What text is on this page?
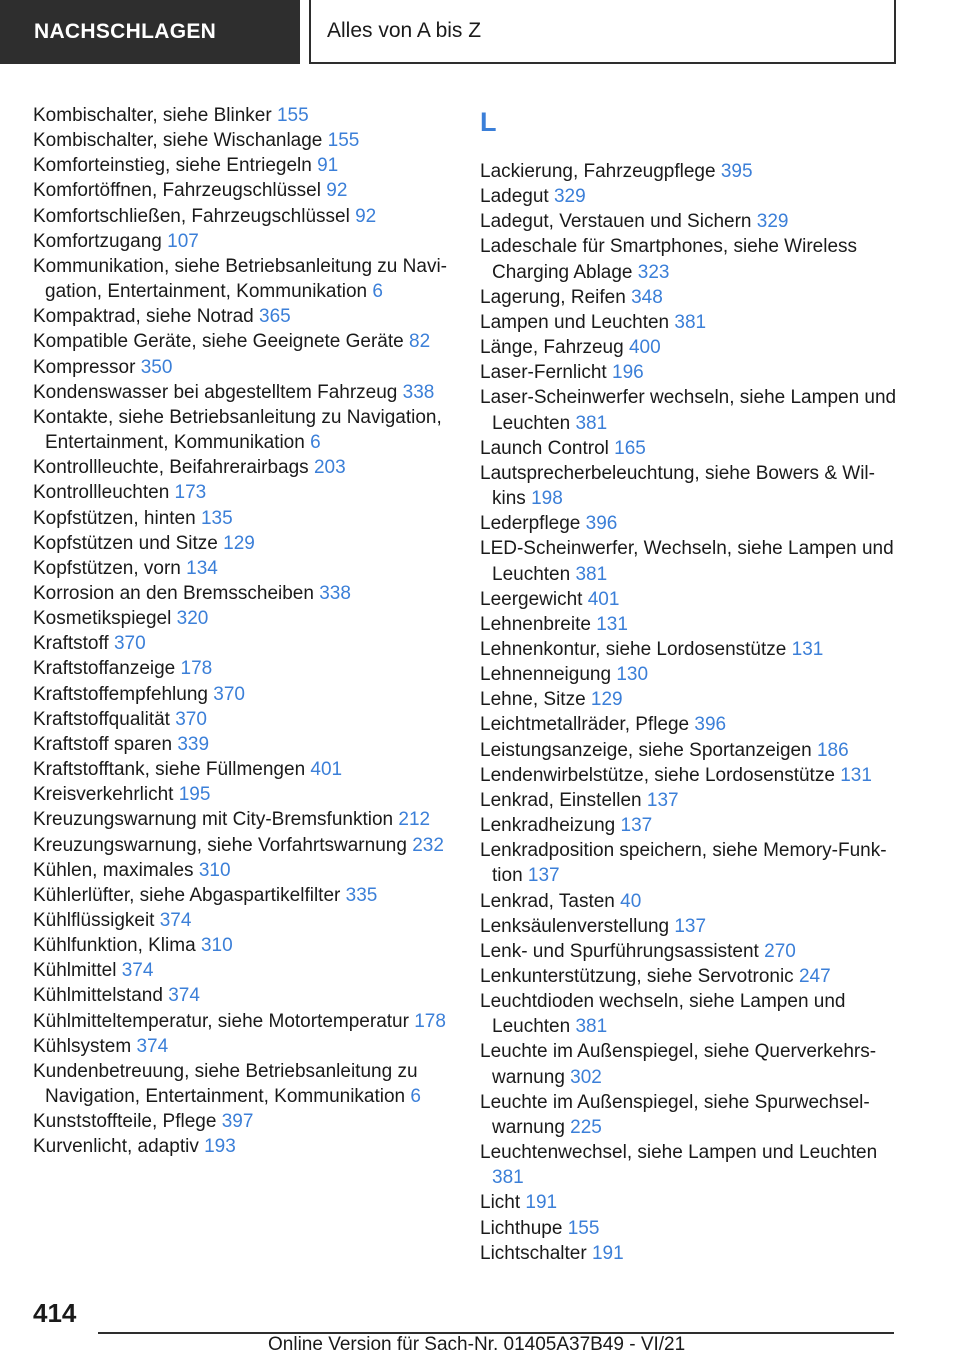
NACHSCHLAGEN	Alles von A bis Z
Kombischalter, siehe Blinker 155
Kombischalter, siehe Wischanlage 155
Komforteinstieg, siehe Entriegeln 91
Komfortöffnen, Fahrzeugschlüssel 92
Komfortschließen, Fahrzeugschlüssel 92
Komfortzugang 107
Kommunikation, siehe Betriebsanleitung zu Navigation, Entertainment, Kommunikation 6
Kompaktrad, siehe Notrad 365
Kompatible Geräte, siehe Geeignete Geräte 82
Kompressor 350
Kondenswasser bei abgestelltem Fahrzeug 338
Kontakte, siehe Betriebsanleitung zu Navigation, Entertainment, Kommunikation 6
Kontrollleuchte, Beifahrerairbags 203
Kontrollleuchten 173
Kopfstützen, hinten 135
Kopfstützen und Sitze 129
Kopfstützen, vorn 134
Korrosion an den Bremsscheiben 338
Kosmetikspiegel 320
Kraftstoff 370
Kraftstoffanzeige 178
Kraftstoffempfehlung 370
Kraftstoffqualität 370
Kraftstoff sparen 339
Kraftstofftank, siehe Füllmengen 401
Kreisverkehrlicht 195
Kreuzungswarnung mit City-Bremsfunktion 212
Kreuzungswarnung, siehe Vorfahrtswarnung 232
Kühlen, maximales 310
Kühlerlüfter, siehe Abgaspartikelfilter 335
Kühlflüssigkeit 374
Kühlfunktion, Klima 310
Kühlmittel 374
Kühlmittelstand 374
Kühlmitteltemperatur, siehe Motortemperatur 178
Kühlsystem 374
Kundenbetreuung, siehe Betriebsanleitung zu Navigation, Entertainment, Kommunikation 6
Kunststoffteile, Pflege 397
Kurvenlicht, adaptiv 193
L
Lackierung, Fahrzeugpflege 395
Ladegut 329
Ladegut, Verstauen und Sichern 329
Ladeschale für Smartphones, siehe Wireless Charging Ablage 323
Lagerung, Reifen 348
Lampen und Leuchten 381
Länge, Fahrzeug 400
Laser-Fernlicht 196
Laser-Scheinwerfer wechseln, siehe Lampen und Leuchten 381
Launch Control 165
Lautsprecherbeleuchtung, siehe Bowers & Wilkins 198
Lederpflege 396
LED-Scheinwerfer, Wechseln, siehe Lampen und Leuchten 381
Leergewicht 401
Lehnenbreite 131
Lehnenkontur, siehe Lordosenstütze 131
Lehnenneigung 130
Lehne, Sitze 129
Leichtmetallräder, Pflege 396
Leistungsanzeige, siehe Sportanzeigen 186
Lendenwirbelstütze, siehe Lordosenstütze 131
Lenkrad, Einstellen 137
Lenkradheizung 137
Lenkradposition speichern, siehe Memory-Funktion 137
Lenkrad, Tasten 40
Lenksäulenverstellung 137
Lenk- und Spurführungsassistent 270
Lenkunterstützung, siehe Servotronic 247
Leuchtdioden wechseln, siehe Lampen und Leuchten 381
Leuchte im Außenspiegel, siehe Querverkehrswarnung 302
Leuchte im Außenspiegel, siehe Spurwechselwarnung 225
Leuchtenwechsel, siehe Lampen und Leuchten 381
Licht 191
Lichthupe 155
Lichtschalter 191
414
Online Version für Sach-Nr. 01405A37B49 - VI/21
